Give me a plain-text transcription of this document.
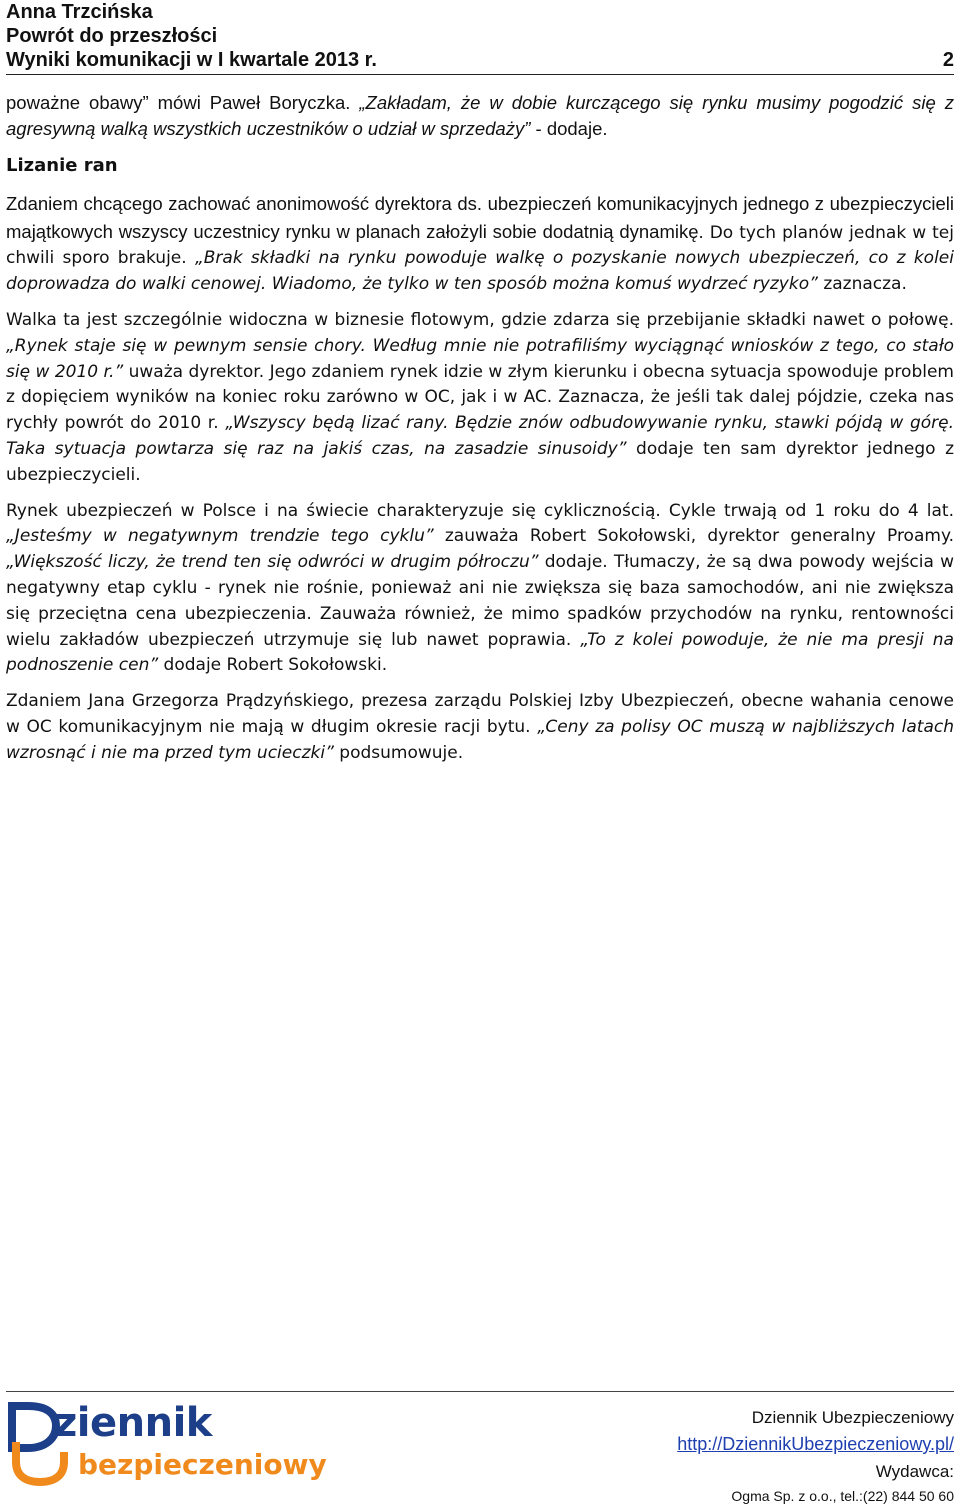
Anna Trzcińska
Powrót do przeszłości
Wyniki komunikacji w I kwartale 2013 r.	2

poważne obawy” mówi Paweł Boryczka. „Zakładam, że w dobie kurczącego się rynku musimy pogodzić się z agresywną walką wszystkich uczestników o udział w sprzedaży” - dodaje.

Lizanie ran

Zdaniem chcącego zachować anonimowość dyrektora ds. ubezpieczeń komunikacyjnych jednego z ubezpieczycieli majątkowych wszyscy uczestnicy rynku w planach założyli sobie dodatnią dynamikę. Do tych planów jednak w tej chwili sporo brakuje. „Brak składki na rynku powoduje walkę o pozyskanie nowych ubezpieczeń, co z kolei doprowadza do walki cenowej. Wiadomo, że tylko w ten sposób można komuś wydrzeć ryzyko” zaznacza.

Walka ta jest szczególnie widoczna w biznesie flotowym, gdzie zdarza się przebijanie składki nawet o połowę. „Rynek staje się w pewnym sensie chory. Według mnie nie potrafiliśmy wyciągnąć wniosków z tego, co stało się w 2010 r.” uważa dyrektor. Jego zdaniem rynek idzie w złym kierunku i obecna sytuacja spowoduje problem z dopięciem wyników na koniec roku zarówno w OC, jak i w AC. Zaznacza, że jeśli tak dalej pójdzie, czeka nas rychły powrót do 2010 r. „Wszyscy będą lizać rany. Będzie znów odbudowywanie rynku, stawki pójdą w górę. Taka sytuacja powtarza się raz na jakiś czas, na zasadzie sinusoidy” dodaje ten sam dyrektor jednego z ubezpieczycieli.

Rynek ubezpieczeń w Polsce i na świecie charakteryzuje się cyklicznością. Cykle trwają od 1 roku do 4 lat. „Jesteśmy w negatywnym trendzie tego cyklu” zauważa Robert Sokołowski, dyrektor generalny Proamy. „Większość liczy, że trend ten się odwróci w drugim półroczu” dodaje. Tłumaczy, że są dwa powody wejścia w negatywny etap cyklu - rynek nie rośnie, ponieważ ani nie zwiększa się baza samochodów, ani nie zwiększa się przeciętna cena ubezpieczenia. Zauważa również, że mimo spadków przychodów na rynku, rentowności wielu zakładów ubezpieczeń utrzymuje się lub nawet poprawia. „To z kolei powoduje, że nie ma presji na podnoszenie cen” dodaje Robert Sokołowski.

Zdaniem Jana Grzegorza Prądzyńskiego, prezesa zarządu Polskiej Izby Ubezpieczeń, obecne wahania cenowe w OC komunikacyjnym nie mają w długim okresie racji bytu. „Ceny za polisy OC muszą w najbliższych latach wzrosnąć i nie ma przed tym ucieczki” podsumowuje.

ziennik
bezpieczeniowy
Dziennik Ubezpieczeniowy
http://DziennikUbezpieczeniowy.pl/
Wydawca:
Ogma Sp. z o.o., tel.:(22) 844 50 60
